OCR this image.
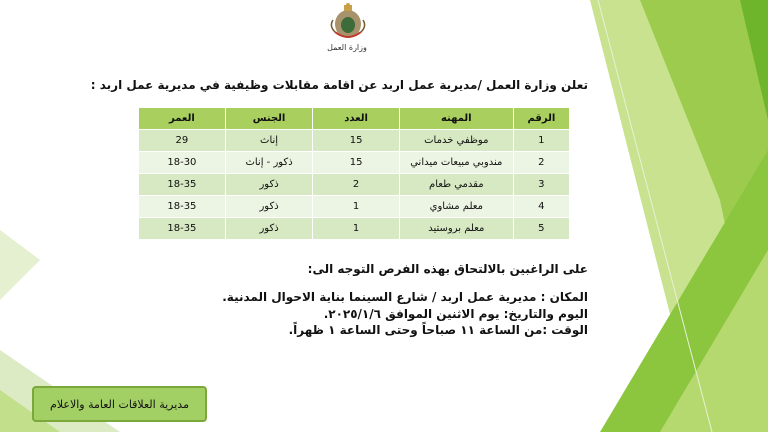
وزارة العمل
تعلن وزارة العمل /مديرية عمل اربد عن اقامة مقابلات وظيفية في مديرية عمل اربد :
الرقم	المهنه	العدد	الجنس	العمر
1	موظفي خدمات	15	إناث	29
2	مندوبي مبيعات ميداني	15	ذكور - إناث	18-30
3	مقدمي طعام	2	ذكور	18-35
4	معلم مشاوي	1	ذكور	18-35
5	معلم بروستيد	1	ذكور	18-35
على الراغبين بالالتحاق بهذه الفرص التوجه الى:
المكان : مديرية عمل اربد / شارع السينما بناية الاحوال المدنية.
اليوم والتاريخ: يوم الاثنين الموافق ٢٠٢٥/١/٦.
الوقت :من الساعة ١١ صباحاً وحتى الساعة ١ ظهراً.
مديرية العلاقات العامة والاعلام
